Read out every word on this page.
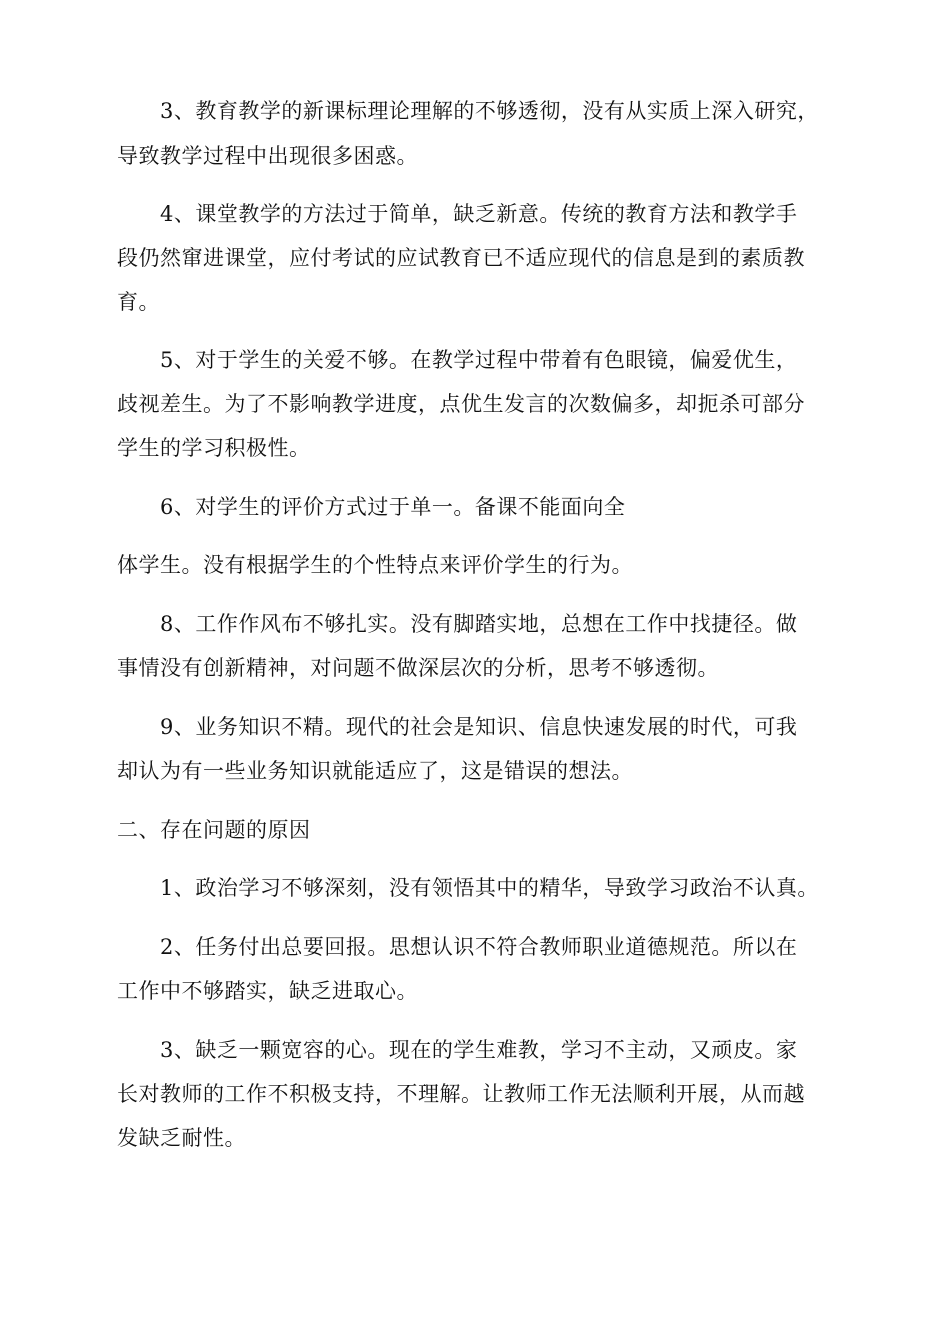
3、教育教学的新课标理论理解的不够透彻，没有从实质上深入研究，
导致教学过程中出现很多困惑。
4、课堂教学的方法过于简单，缺乏新意。传统的教育方法和教学手
段仍然窜进课堂，应付考试的应试教育已不适应现代的信息是到的素质教
育。
5、对于学生的关爱不够。在教学过程中带着有色眼镜，偏爱优生，
歧视差生。为了不影响教学进度，点优生发言的次数偏多，却扼杀可部分
学生的学习积极性。
6、对学生的评价方式过于单一。备课不能面向全
体学生。没有根据学生的个性特点来评价学生的行为。
8、工作作风布不够扎实。没有脚踏实地，总想在工作中找捷径。做
事情没有创新精神，对问题不做深层次的分析，思考不够透彻。
9、业务知识不精。现代的社会是知识、信息快速发展的时代，可我
却认为有一些业务知识就能适应了，这是错误的想法。
二、存在问题的原因
1、政治学习不够深刻，没有领悟其中的精华，导致学习政治不认真。
2、任务付出总要回报。思想认识不符合教师职业道德规范。所以在
工作中不够踏实，缺乏进取心。
3、缺乏一颗宽容的心。现在的学生难教，学习不主动，又顽皮。家
长对教师的工作不积极支持，不理解。让教师工作无法顺利开展，从而越
发缺乏耐性。
